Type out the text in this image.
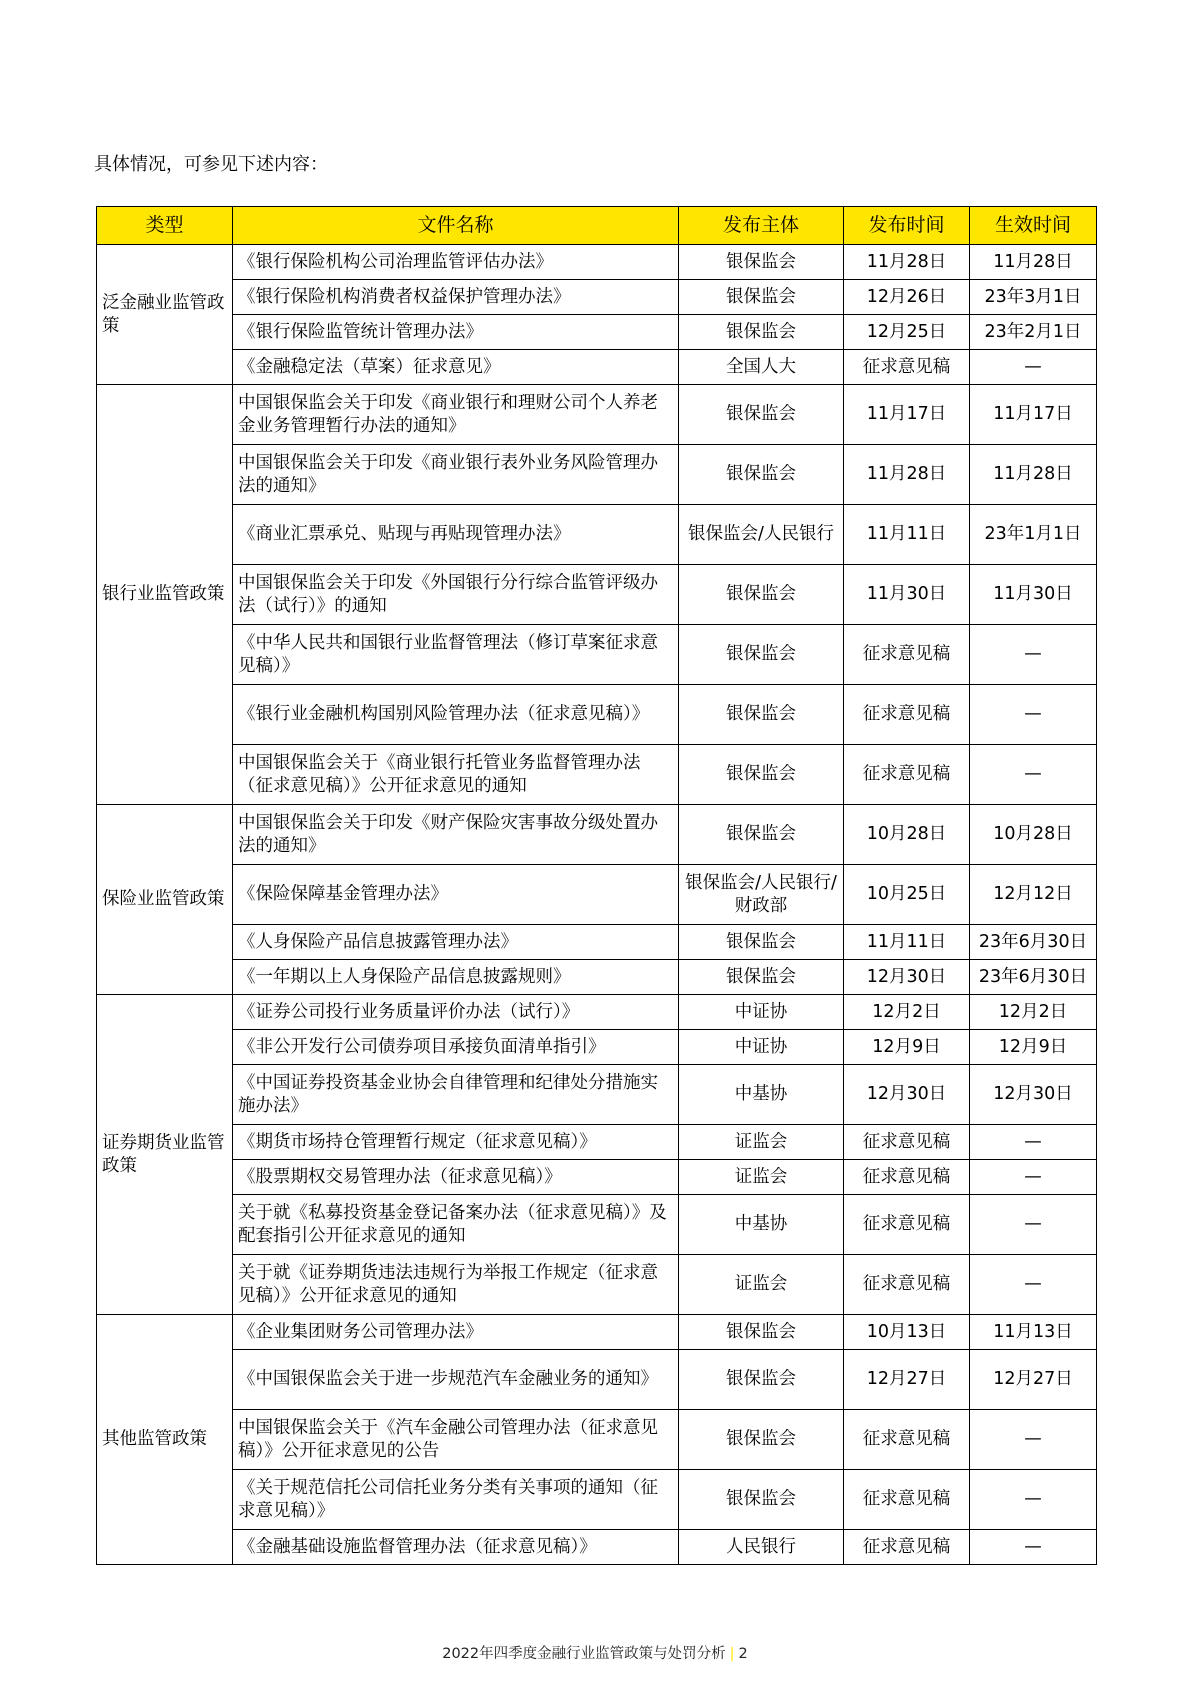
具体情况，可参见下述内容：
类型	文件名称	发布主体	发布时间	生效时间
泛金融业监管政策	《银行保险机构公司治理监管评估办法》	银保监会	11月28日	11月28日
	《银行保险机构消费者权益保护管理办法》	银保监会	12月26日	23年3月1日
	《银行保险监管统计管理办法》	银保监会	12月25日	23年2月1日
	《金融稳定法（草案）征求意见》	全国人大	征求意见稿	—
银行业监管政策	中国银保监会关于印发《商业银行和理财公司个人养老金业务管理暂行办法的通知》	银保监会	11月17日	11月17日
	中国银保监会关于印发《商业银行表外业务风险管理办法的通知》	银保监会	11月28日	11月28日
	《商业汇票承兑、贴现与再贴现管理办法》	银保监会/人民银行	11月11日	23年1月1日
	中国银保监会关于印发《外国银行分行综合监管评级办法（试行）》的通知	银保监会	11月30日	11月30日
	《中华人民共和国银行业监督管理法（修订草案征求意见稿）》	银保监会	征求意见稿	—
	《银行业金融机构国别风险管理办法（征求意见稿）》	银保监会	征求意见稿	—
	中国银保监会关于《商业银行托管业务监督管理办法（征求意见稿）》公开征求意见的通知	银保监会	征求意见稿	—
保险业监管政策	中国银保监会关于印发《财产保险灾害事故分级处置办法的通知》	银保监会	10月28日	10月28日
	《保险保障基金管理办法》	银保监会/人民银行/财政部	10月25日	12月12日
	《人身保险产品信息披露管理办法》	银保监会	11月11日	23年6月30日
	《一年期以上人身保险产品信息披露规则》	银保监会	12月30日	23年6月30日
证券期货业监管政策	《证券公司投行业务质量评价办法（试行）》	中证协	12月2日	12月2日
	《非公开发行公司债券项目承接负面清单指引》	中证协	12月9日	12月9日
	《中国证券投资基金业协会自律管理和纪律处分措施实施办法》	中基协	12月30日	12月30日
	《期货市场持仓管理暂行规定（征求意见稿）》	证监会	征求意见稿	—
	《股票期权交易管理办法（征求意见稿）》	证监会	征求意见稿	—
	关于就《私募投资基金登记备案办法（征求意见稿）》及配套指引公开征求意见的通知	中基协	征求意见稿	—
	关于就《证券期货违法违规行为举报工作规定（征求意见稿）》公开征求意见的通知	证监会	征求意见稿	—
其他监管政策	《企业集团财务公司管理办法》	银保监会	10月13日	11月13日
	《中国银保监会关于进一步规范汽车金融业务的通知》	银保监会	12月27日	12月27日
	中国银保监会关于《汽车金融公司管理办法（征求意见稿）》公开征求意见的公告	银保监会	征求意见稿	—
	《关于规范信托公司信托业务分类有关事项的通知（征求意见稿）》	银保监会	征求意见稿	—
	《金融基础设施监督管理办法（征求意见稿）》	人民银行	征求意见稿	—
2022年四季度金融行业监管政策与处罚分析 | 2
